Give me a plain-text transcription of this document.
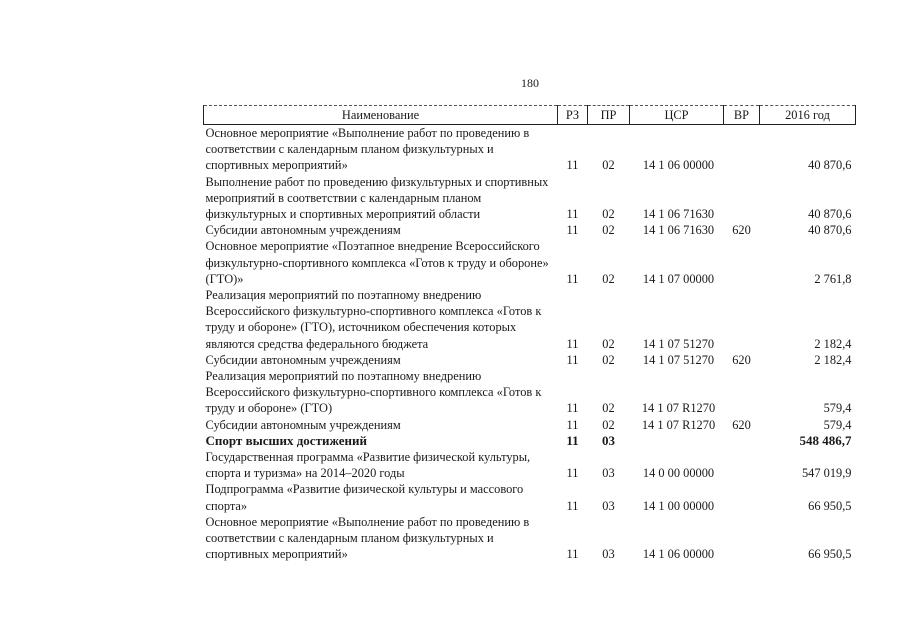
180
Наименование	РЗ	ПР	ЦСР	ВР	2016 год
Основное мероприятие «Выполнение работ по проведению в соответствии с календарным планом физкультурных и спортивных мероприятий»	11	02	14 1 06 00000		40 870,6
Выполнение работ по проведению физкультурных и спортивных мероприятий в соответствии с календарным планом физкультурных и спортивных мероприятий области	11	02	14 1 06 71630		40 870,6
Субсидии автономным учреждениям	11	02	14 1 06 71630	620	40 870,6
Основное мероприятие «Поэтапное внедрение Всероссийского физкультурно-спортивного комплекса «Готов к труду и обороне» (ГТО)»	11	02	14 1 07 00000		2 761,8
Реализация мероприятий по поэтапному внедрению Всероссийского физкультурно-спортивного комплекса «Готов к труду и обороне» (ГТО), источником обеспечения которых являются средства федерального бюджета	11	02	14 1 07 51270		2 182,4
Субсидии автономным учреждениям	11	02	14 1 07 51270	620	2 182,4
Реализация мероприятий по поэтапному внедрению Всероссийского физкультурно-спортивного комплекса «Готов к труду и обороне» (ГТО)	11	02	14 1 07 R1270		579,4
Субсидии автономным учреждениям	11	02	14 1 07 R1270	620	579,4
Спорт высших достижений	11	03			548 486,7
Государственная программа «Развитие физической культуры, спорта и туризма» на 2014–2020 годы	11	03	14 0 00 00000		547 019,9
Подпрограмма «Развитие физической культуры и массового спорта»	11	03	14 1 00 00000		66 950,5
Основное мероприятие «Выполнение работ по проведению в соответствии с календарным планом физкультурных и спортивных мероприятий»	11	03	14 1 06 00000		66 950,5
